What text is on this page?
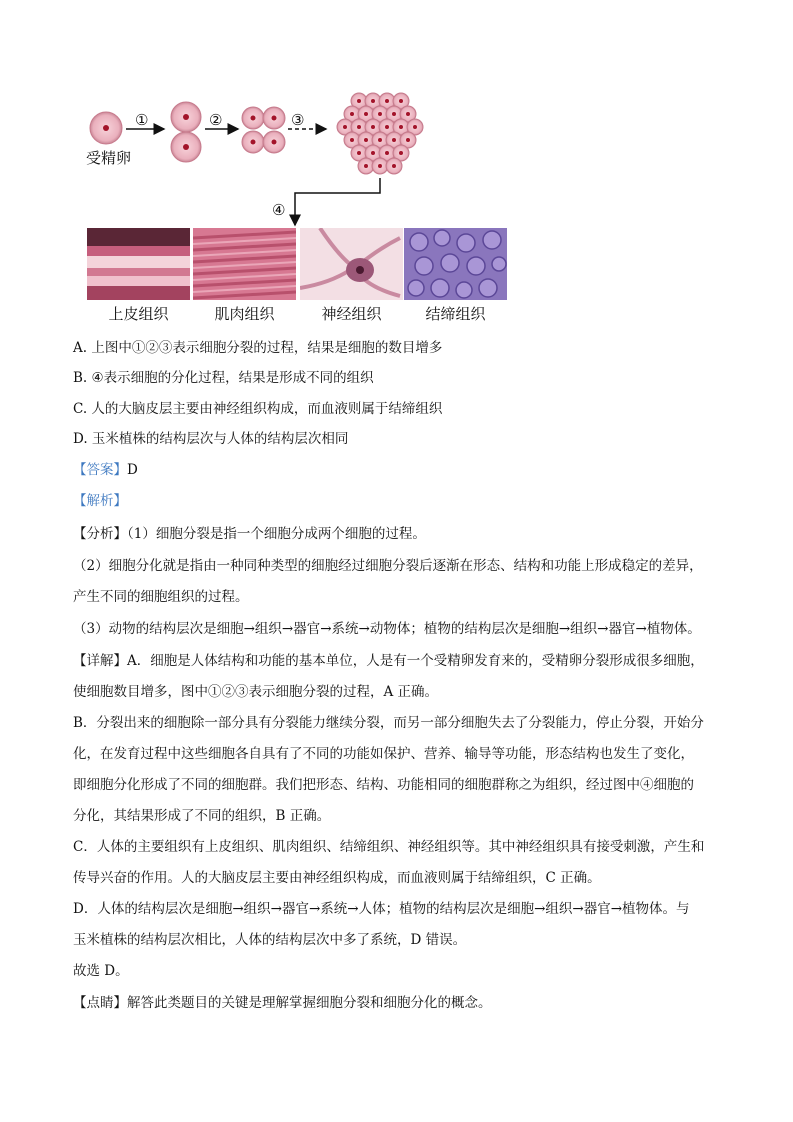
受精卵
①	②	③
④
上皮组织	肌肉组织	神经组织	结缔组织
A. 上图中①②③表示细胞分裂的过程，结果是细胞的数目增多
B. ④表示细胞的分化过程，结果是形成不同的组织
C. 人的大脑皮层主要由神经组织构成，而血液则属于结缔组织
D. 玉米植株的结构层次与人体的结构层次相同
【答案】D
【解析】
【分析】（1）细胞分裂是指一个细胞分成两个细胞的过程。
（2）细胞分化就是指由一种同种类型的细胞经过细胞分裂后逐渐在形态、结构和功能上形成稳定的差异，
产生不同的细胞组织的过程。
（3）动物的结构层次是细胞→组织→器官→系统→动物体；植物的结构层次是细胞→组织→器官→植物体。
【详解】A．细胞是人体结构和功能的基本单位，人是有一个受精卵发育来的，受精卵分裂形成很多细胞，
使细胞数目增多，图中①②③表示细胞分裂的过程，A 正确。
B．分裂出来的细胞除一部分具有分裂能力继续分裂，而另一部分细胞失去了分裂能力，停止分裂，开始分
化，在发育过程中这些细胞各自具有了不同的功能如保护、营养、输导等功能，形态结构也发生了变化，
即细胞分化形成了不同的细胞群。我们把形态、结构、功能相同的细胞群称之为组织，经过图中④细胞的
分化，其结果形成了不同的组织，B 正确。
C．人体的主要组织有上皮组织、肌肉组织、结缔组织、神经组织等。其中神经组织具有接受刺激，产生和
传导兴奋的作用。人的大脑皮层主要由神经组织构成，而血液则属于结缔组织，C 正确。
D．人体的结构层次是细胞→组织→器官→系统→人体；植物的结构层次是细胞→组织→器官→植物体。与
玉米植株的结构层次相比，人体的结构层次中多了系统，D 错误。
故选 D。
【点睛】解答此类题目的关键是理解掌握细胞分裂和细胞分化的概念。
